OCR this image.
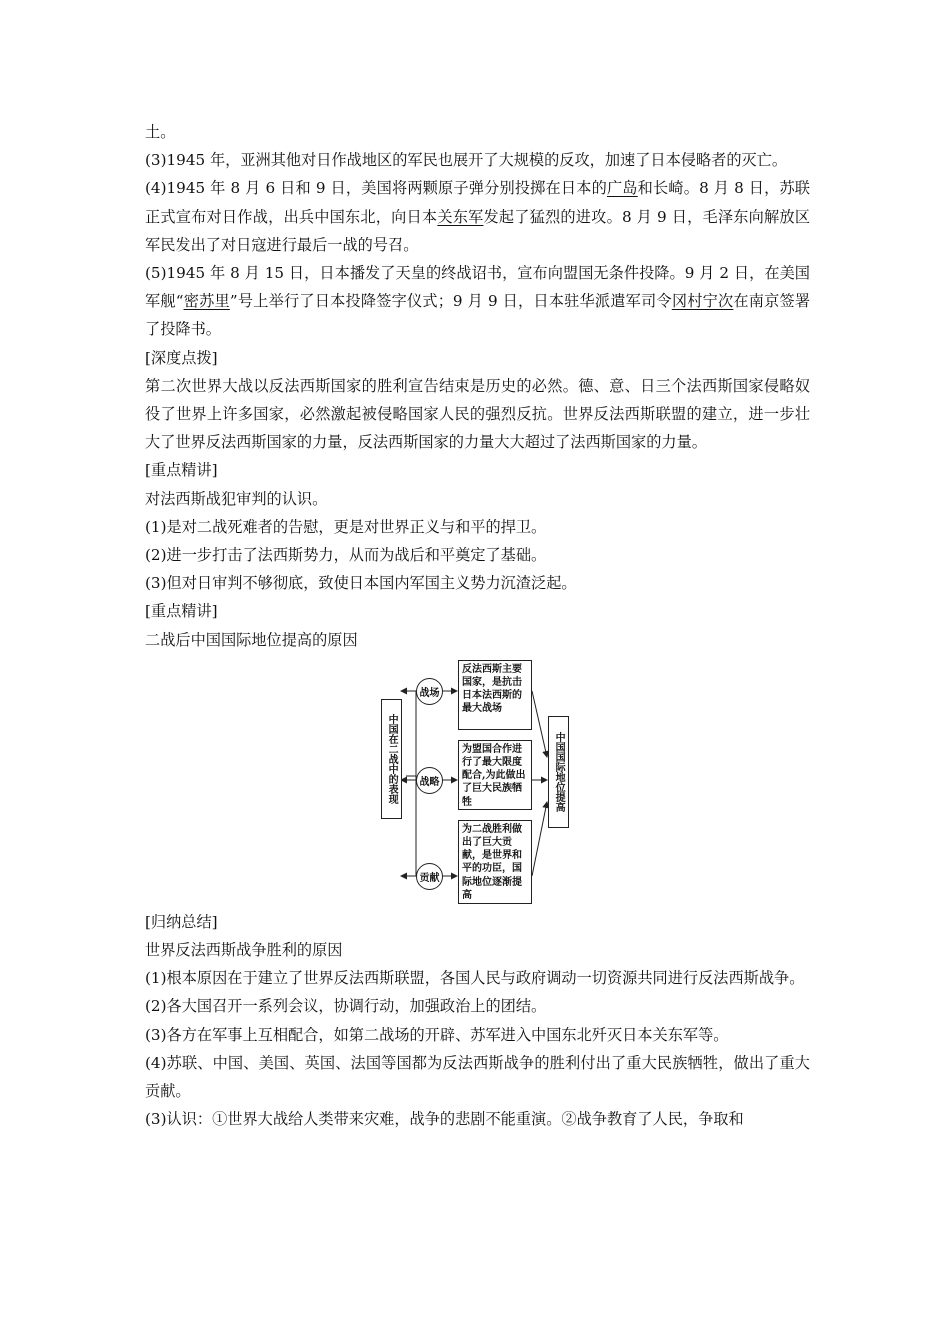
土。

(3)1945 年，亚洲其他对日作战地区的军民也展开了大规模的反攻，加速了日本侵略者的灭亡。

(4)1945 年 8 月 6 日和 9 日，美国将两颗原子弹分别投掷在日本的广岛和长崎。8 月 8 日，苏联正式宣布对日作战，出兵中国东北，向日本关东军发起了猛烈的进攻。8 月 9 日，毛泽东向解放区军民发出了对日寇进行最后一战的号召。

(5)1945 年 8 月 15 日，日本播发了天皇的终战诏书，宣布向盟国无条件投降。9 月 2 日，在美国军舰“密苏里”号上举行了日本投降签字仪式；9 月 9 日，日本驻华派遣军司令冈村宁次在南京签署了投降书。

[深度点拨]

第二次世界大战以反法西斯国家的胜利宣告结束是历史的必然。德、意、日三个法西斯国家侵略奴役了世界上许多国家，必然激起被侵略国家人民的强烈反抗。世界反法西斯联盟的建立，进一步壮大了世界反法西斯国家的力量，反法西斯国家的力量大大超过了法西斯国家的力量。

[重点精讲]

对法西斯战犯审判的认识。

(1)是对二战死难者的告慰，更是对世界正义与和平的捍卫。

(2)进一步打击了法西斯势力，从而为战后和平奠定了基础。

(3)但对日审判不够彻底，致使日本国内军国主义势力沉渣泛起。

[重点精讲]

二战后中国国际地位提高的原因

中国在二战中的表现
战场
战略
贡献
反法西斯主要国家，是抗击日本法西斯的最大战场
为盟国合作进行了最大限度配合,为此做出了巨大民族牺牲
为二战胜利做出了巨大贡献，是世界和平的功臣，国际地位逐渐提高
中国国际地位提高

[归纳总结]

世界反法西斯战争胜利的原因

(1)根本原因在于建立了世界反法西斯联盟，各国人民与政府调动一切资源共同进行反法西斯战争。

(2)各大国召开一系列会议，协调行动，加强政治上的团结。

(3)各方在军事上互相配合，如第二战场的开辟、苏军进入中国东北歼灭日本关东军等。

(4)苏联、中国、美国、英国、法国等国都为反法西斯战争的胜利付出了重大民族牺牲，做出了重大贡献。

(3)认识：①世界大战给人类带来灾难，战争的悲剧不能重演。②战争教育了人民，争取和
